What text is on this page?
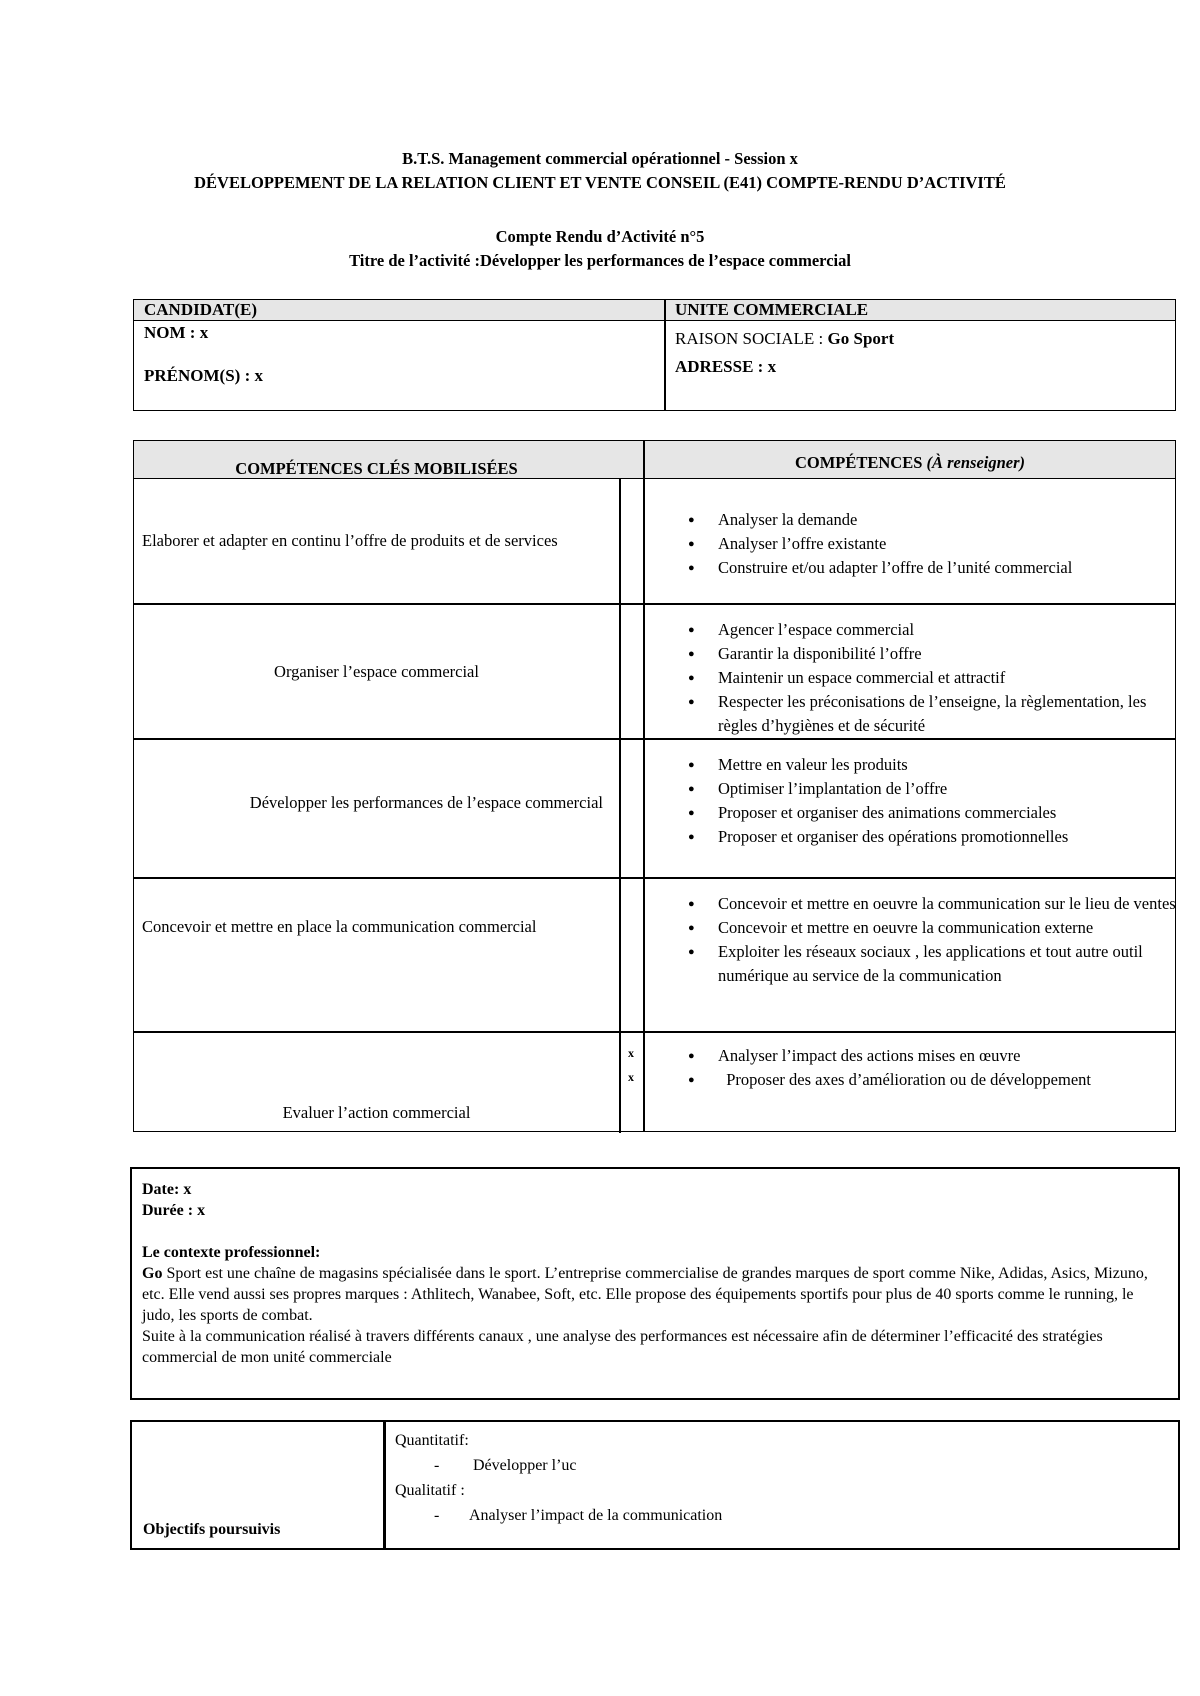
B.T.S. Management commercial opérationnel - Session x
DÉVELOPPEMENT DE LA RELATION CLIENT ET VENTE CONSEIL (E41) COMPTE-RENDU D’ACTIVITÉ
Compte Rendu d’Activité n°5
Titre de l’activité :Développer les performances de l’espace commercial
CANDIDAT(E)	UNITE COMMERCIALE
NOM : x
PRÉNOM(S) : x
RAISON SOCIALE : Go Sport
ADRESSE : x
COMPÉTENCES CLÉS MOBILISÉES	COMPÉTENCES (À renseigner)
Elaborer et adapter en continu l’offre de produits et de services
● Analyser la demande
● Analyser l’offre existante
● Construire et/ou adapter l’offre de l’unité commercial
Organiser l’espace commercial
● Agencer l’espace commercial
● Garantir la disponibilité l’offre
● Maintenir un espace commercial et attractif
● Respecter les préconisations de l’enseigne, la règlementation, les règles d’hygiènes et de sécurité
Développer les performances de l’espace commercial
● Mettre en valeur les produits
● Optimiser l’implantation de l’offre
● Proposer et organiser des animations commerciales
● Proposer et organiser des opérations promotionnelles
Concevoir et mettre en place la communication commercial
● Concevoir et mettre en oeuvre la communication sur le lieu de ventes
● Concevoir et mettre en oeuvre la communication externe
● Exploiter les réseaux sociaux , les applications et tout autre outil numérique au service de la communication
Evaluer l’action commercial
x
x
● Analyser l’impact des actions mises en œuvre
●   Proposer des axes d’amélioration ou de développement

Date: x

Durée : x

Le contexte professionnel:

Go Sport est une chaîne de magasins spécialisée dans le sport. L’entreprise commercialise de grandes marques de sport comme Nike, Adidas, Asics, Mizuno, etc. Elle vend aussi ses propres marques : Athlitech, Wanabee, Soft, etc. Elle propose des équipements sportifs pour plus de 40 sports comme le running, le judo, les sports de combat.

Suite à la communication réalisé à travers différents canaux , une analyse des performances est nécessaire afin de déterminer l’efficacité des stratégies commercial de mon unité commerciale

Objectifs poursuivis
Quantitatif:
- Développer l’uc
Qualitatif :
- Analyser l’impact de la communication
